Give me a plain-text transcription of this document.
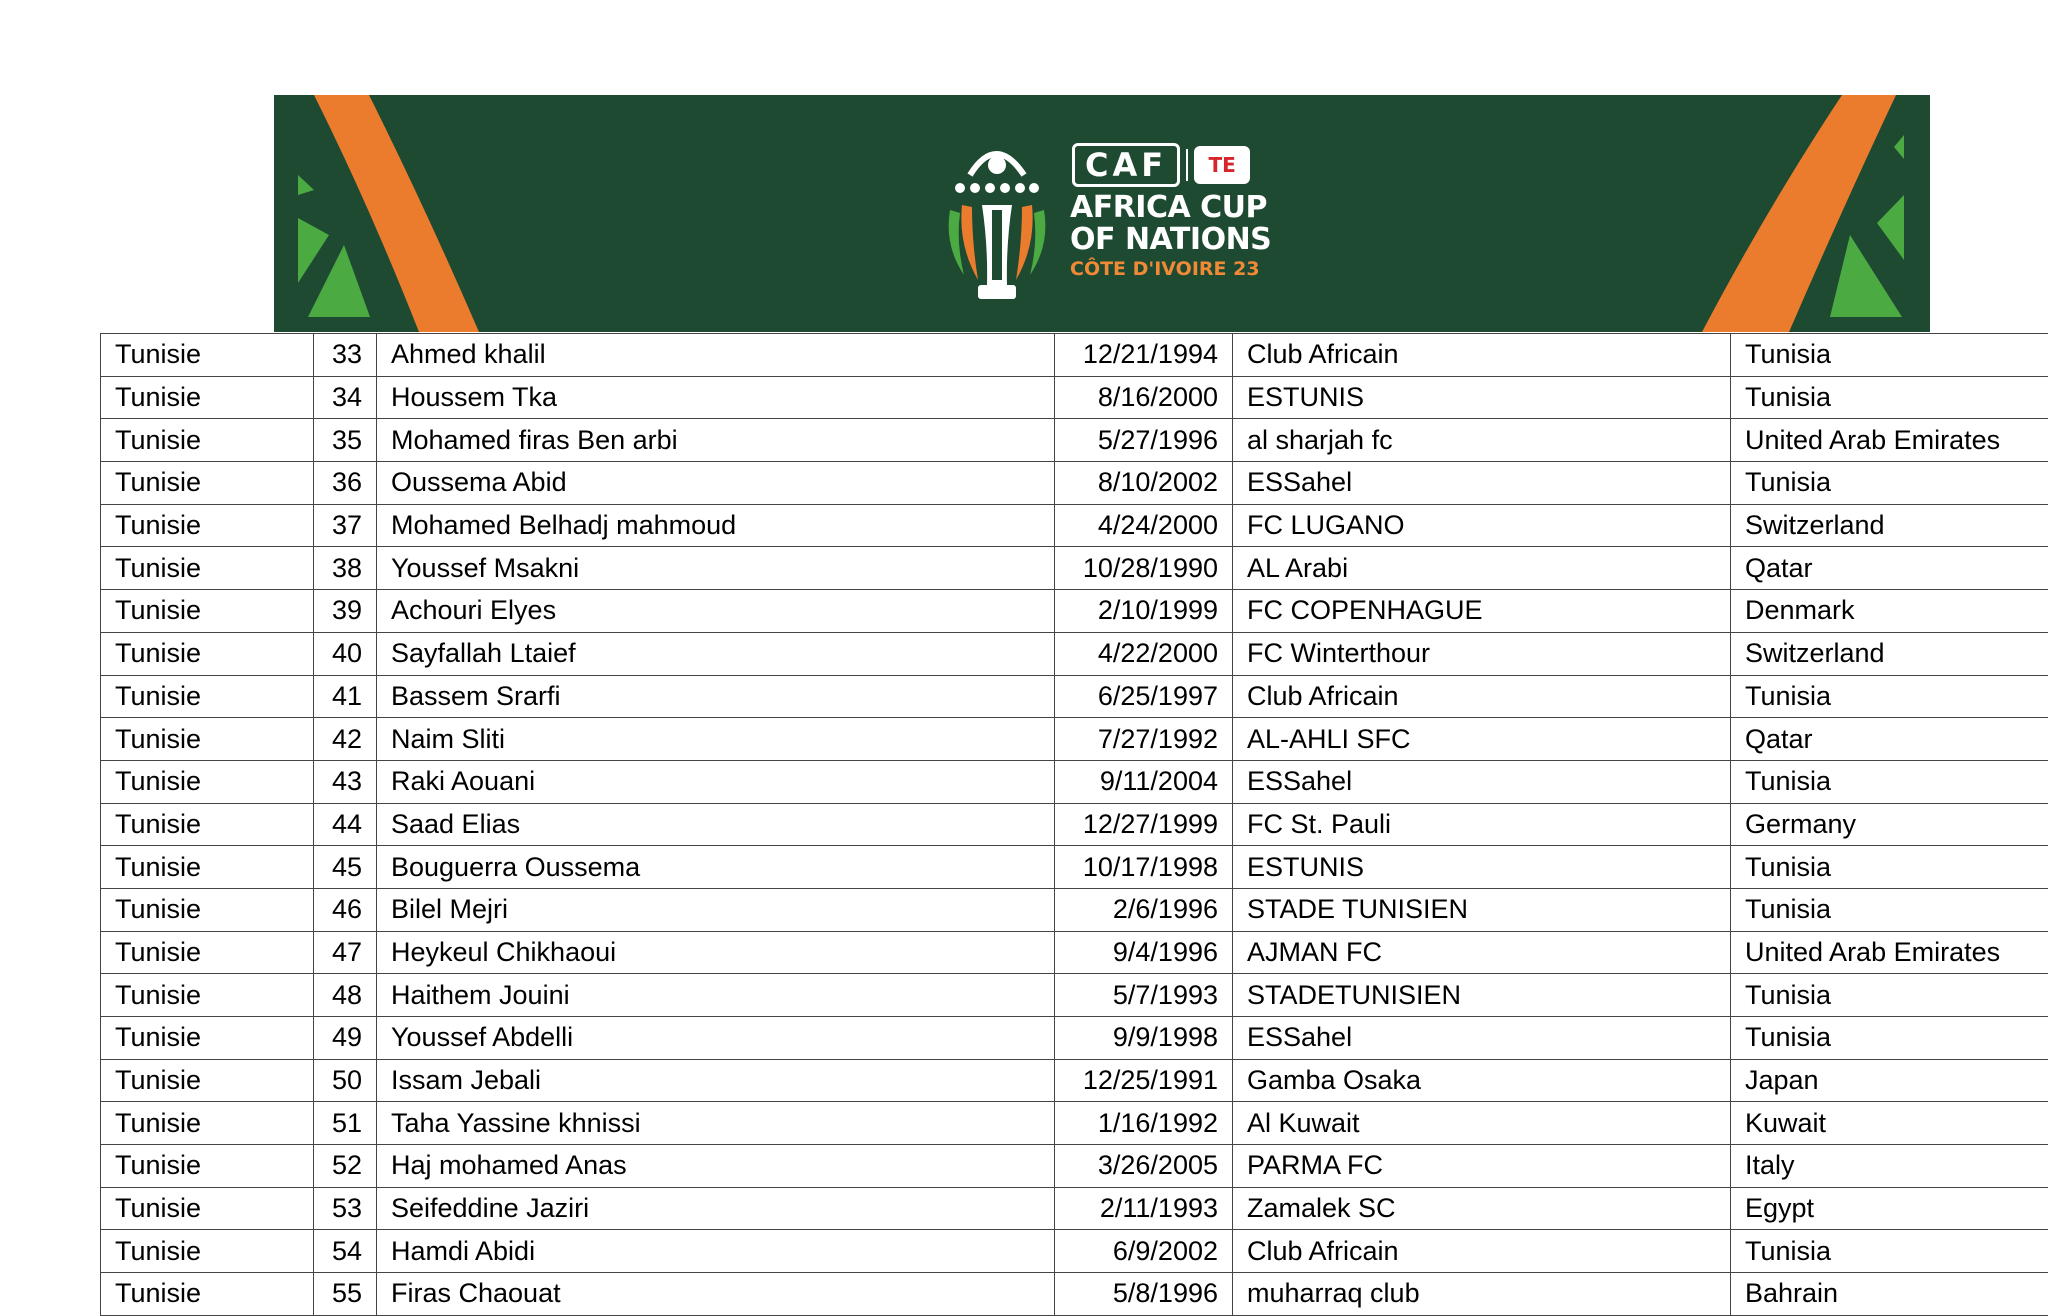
CAF	TE
AFRICA CUP
OF NATIONS
CÔTE D'IVOIRE 23
Tunisie	33	Ahmed khalil	12/21/1994	Club Africain	Tunisia
Tunisie	34	Houssem Tka	8/16/2000	ESTUNIS	Tunisia
Tunisie	35	Mohamed firas Ben arbi	5/27/1996	al sharjah fc	United Arab Emirates
Tunisie	36	Oussema Abid	8/10/2002	ESSahel	Tunisia
Tunisie	37	Mohamed Belhadj mahmoud	4/24/2000	FC LUGANO	Switzerland
Tunisie	38	Youssef Msakni	10/28/1990	AL Arabi	Qatar
Tunisie	39	Achouri Elyes	2/10/1999	FC COPENHAGUE	Denmark
Tunisie	40	Sayfallah Ltaief	4/22/2000	FC Winterthour	Switzerland
Tunisie	41	Bassem Srarfi	6/25/1997	Club Africain	Tunisia
Tunisie	42	Naim Sliti	7/27/1992	AL-AHLI SFC	Qatar
Tunisie	43	Raki Aouani	9/11/2004	ESSahel	Tunisia
Tunisie	44	Saad Elias	12/27/1999	FC St. Pauli	Germany
Tunisie	45	Bouguerra Oussema	10/17/1998	ESTUNIS	Tunisia
Tunisie	46	Bilel Mejri	2/6/1996	STADE TUNISIEN	Tunisia
Tunisie	47	Heykeul Chikhaoui	9/4/1996	AJMAN FC	United Arab Emirates
Tunisie	48	Haithem Jouini	5/7/1993	STADETUNISIEN	Tunisia
Tunisie	49	Youssef Abdelli	9/9/1998	ESSahel	Tunisia
Tunisie	50	Issam Jebali	12/25/1991	Gamba Osaka	Japan
Tunisie	51	Taha Yassine khnissi	1/16/1992	Al Kuwait	Kuwait
Tunisie	52	Haj mohamed Anas	3/26/2005	PARMA FC	Italy
Tunisie	53	Seifeddine Jaziri	2/11/1993	Zamalek SC	Egypt
Tunisie	54	Hamdi Abidi	6/9/2002	Club Africain	Tunisia
Tunisie	55	Firas Chaouat	5/8/1996	muharraq club	Bahrain
